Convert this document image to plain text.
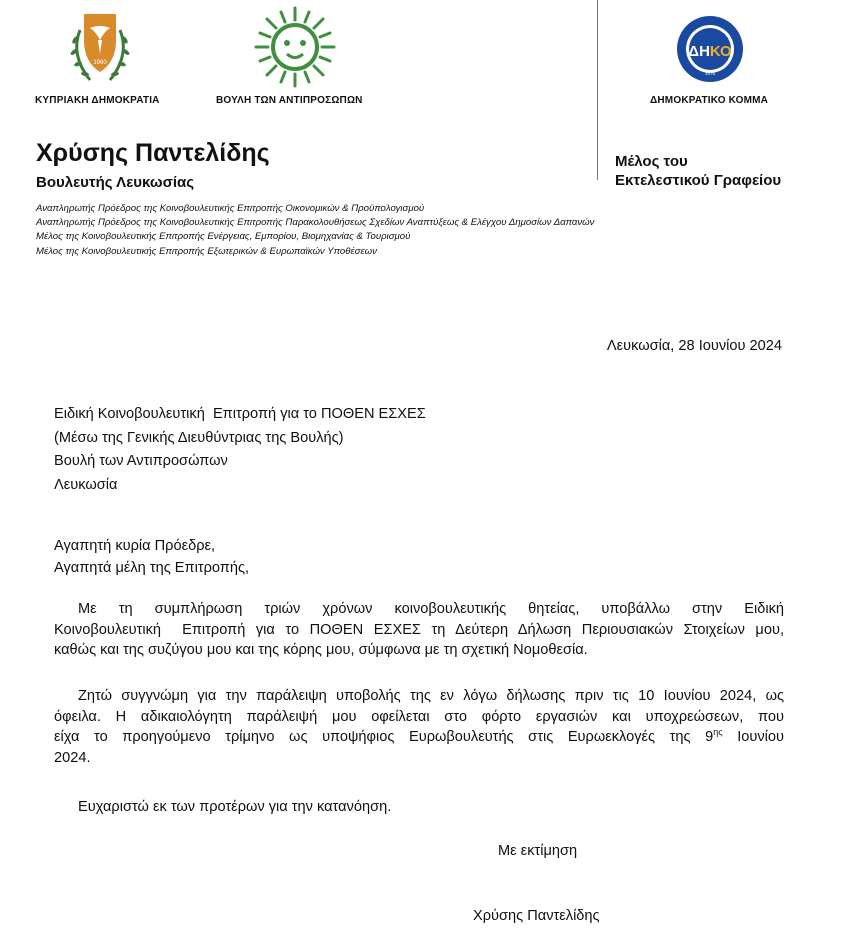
1960
ΚΥΠΡΙΑΚΗ ΔΗΜΟΚΡΑΤΙΑ	ΒΟΥΛΗ ΤΩΝ ΑΝΤΙΠΡΟΣΩΠΩΝ
ΔΗΚΟ
1976
ΔΗΜΟΚΡΑΤΙΚΟ ΚΟΜΜΑ
Χρύσης Παντελίδης
Βουλευτής Λευκωσίας
Μέλος του
Εκτελεστικού Γραφείου
Αναπληρωτής Πρόεδρος της Κοινοβουλευτικής Επιτροπής Οικονομικών & Προϋπολογισμού
Αναπληρωτής Πρόεδρος της Κοινοβουλευτικής Επιτροπής Παρακολουθήσεως Σχεδίων Αναπτύξεως & Ελέγχου Δημοσίων Δαπανών
Μέλος της Κοινοβουλευτικής Επιτροπής Ενέργειας, Εμπορίου, Βιομηχανίας & Τουρισμού
Μέλος της Κοινοβουλευτικής Επιτροπής Εξωτερικών & Ευρωπαϊκών Υποθέσεων
Λευκωσία, 28 Ιουνίου 2024
Ειδική Κοινοβουλευτική  Επιτροπή για το ΠΟΘΕΝ ΕΣΧΕΣ
(Μέσω της Γενικής Διευθύντριας της Βουλής)
Βουλή των Αντιπροσώπων
Λευκωσία
Αγαπητή κυρία Πρόεδρε,
Αγαπητά μέλη της Επιτροπής,
Με τη συμπλήρωση τριών χρόνων κοινοβουλευτικής θητείας, υποβάλλω στην Ειδική
Κοινοβουλευτική  Επιτροπή για το ΠΟΘΕΝ ΕΣΧΕΣ τη Δεύτερη Δήλωση Περιουσιακών Στοιχείων μου,
καθώς και της συζύγου μου και της κόρης μου, σύμφωνα με τη σχετική Νομοθεσία.
Ζητώ συγγνώμη για την παράλειψη υποβολής της εν λόγω δήλωσης πριν τις 10 Ιουνίου 2024, ως
όφειλα. Η αδικαιολόγητη παράλειψή μου οφείλεται στο φόρτο εργασιών και υποχρεώσεων, που
είχα το προηγούμενο τρίμηνο ως υποψήφιος Ευρωβουλευτής στις Ευρωεκλογές της $9^{\eta\varsigma}$ Ιουνίου
2024.
Ευχαριστώ εκ των προτέρων για την κατανόηση.
Με εκτίμηση
Χρύσης Παντελίδης
